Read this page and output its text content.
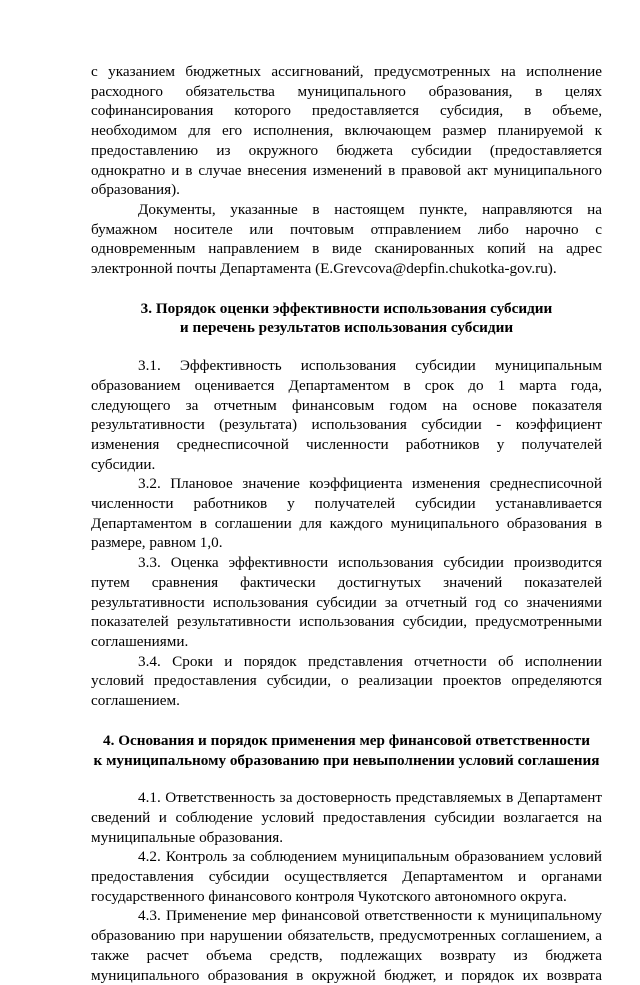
с указанием бюджетных ассигнований, предусмотренных на исполнение расходного обязательства муниципального образования, в целях софинансирования которого предоставляется субсидия, в объеме, необходимом для его исполнения, включающем размер планируемой к предоставлению из окружного бюджета субсидии (предоставляется однократно и в случае внесения изменений в правовой акт муниципального образования).

Документы, указанные в настоящем пункте, направляются на бумажном носителе или почтовым отправлением либо нарочно с одновременным направлением в виде сканированных копий на адрес электронной почты Департамента (E.Grevcova@depfin.chukotka-gov.ru).

3. Порядок оценки эффективности использования субсидии

и перечень результатов использования субсидии

3.1. Эффективность использования субсидии муниципальным образованием оценивается Департаментом в срок до 1 марта года, следующего за отчетным финансовым годом на основе показателя результативности (результата) использования субсидии - коэффициент изменения среднесписочной численности работников у получателей субсидии.

3.2. Плановое значение коэффициента изменения среднесписочной численности работников у получателей субсидии устанавливается Департаментом в соглашении для каждого муниципального образования в размере, равном 1,0.

3.3. Оценка эффективности использования субсидии производится путем сравнения фактически достигнутых значений показателей результативности использования субсидии за отчетный год со значениями показателей результативности использования субсидии, предусмотренными соглашениями.

3.4. Сроки и порядок представления отчетности об исполнении условий предоставления субсидии, о реализации проектов определяются соглашением.

4. Основания и порядок применения мер финансовой ответственности

к муниципальному образованию при невыполнении условий соглашения

4.1. Ответственность за достоверность представляемых в Департамент сведений и соблюдение условий предоставления субсидии возлагается на муниципальные образования.

4.2. Контроль за соблюдением муниципальным образованием условий предоставления субсидии осуществляется Департаментом и органами государственного финансового контроля Чукотского автономного округа.

4.3. Применение мер финансовой ответственности к муниципальному образованию при нарушении обязательств, предусмотренных соглашением, а также расчет объема средств, подлежащих возврату из бюджета муниципального образования в окружной бюджет, и порядок их возврата
